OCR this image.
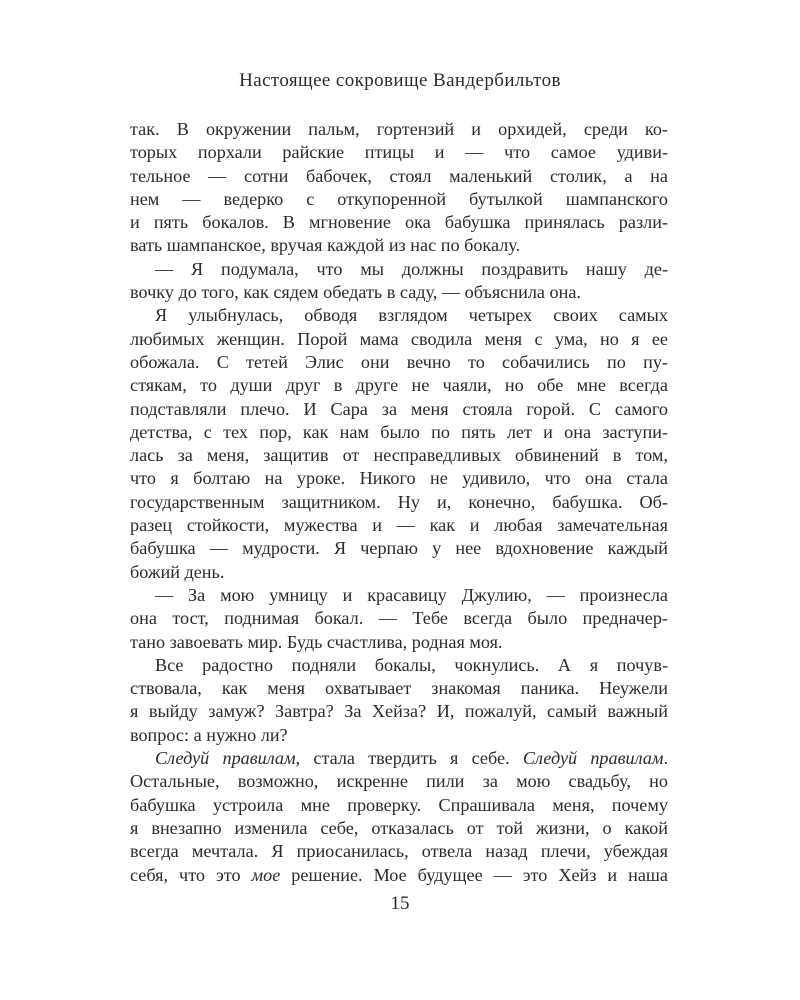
Настоящее сокровище Вандербильтов
так. В окружении пальм, гортензий и орхидей, среди ко-
торых порхали райские птицы и — что самое удиви-
тельное — сотни бабочек, стоял маленький столик, а на
нем — ведерко с откупоренной бутылкой шампанского
и пять бокалов. В мгновение ока бабушка принялась разли-
вать шампанское, вручая каждой из нас по бокалу.
— Я подумала, что мы должны поздравить нашу де-
вочку до того, как сядем обедать в саду, — объяснила она.
Я улыбнулась, обводя взглядом четырех своих самых
любимых женщин. Порой мама сводила меня с ума, но я ее
обожала. С тетей Элис они вечно то собачились по пу-
стякам, то души друг в друге не чаяли, но обе мне всегда
подставляли плечо. И Сара за меня стояла горой. С самого
детства, с тех пор, как нам было по пять лет и она заступи-
лась за меня, защитив от несправедливых обвинений в том,
что я болтаю на уроке. Никого не удивило, что она стала
государственным защитником. Ну и, конечно, бабушка. Об-
разец стойкости, мужества и — как и любая замечательная
бабушка — мудрости. Я черпаю у нее вдохновение каждый
божий день.
— За мою умницу и красавицу Джулию, — произнесла
она тост, поднимая бокал. — Тебе всегда было предначер-
тано завоевать мир. Будь счастлива, родная моя.
Все радостно подняли бокалы, чокнулись. А я почув-
ствовала, как меня охватывает знакомая паника. Неужели
я выйду замуж? Завтра? За Хейза? И, пожалуй, самый важный
вопрос: а нужно ли?
Следуй правилам, стала твердить я себе. Следуй правилам.
Остальные, возможно, искренне пили за мою свадьбу, но
бабушка устроила мне проверку. Спрашивала меня, почему
я внезапно изменила себе, отказалась от той жизни, о какой
всегда мечтала. Я приосанилась, отвела назад плечи, убеждая
себя, что это мое решение. Мое будущее — это Хейз и наша
15
